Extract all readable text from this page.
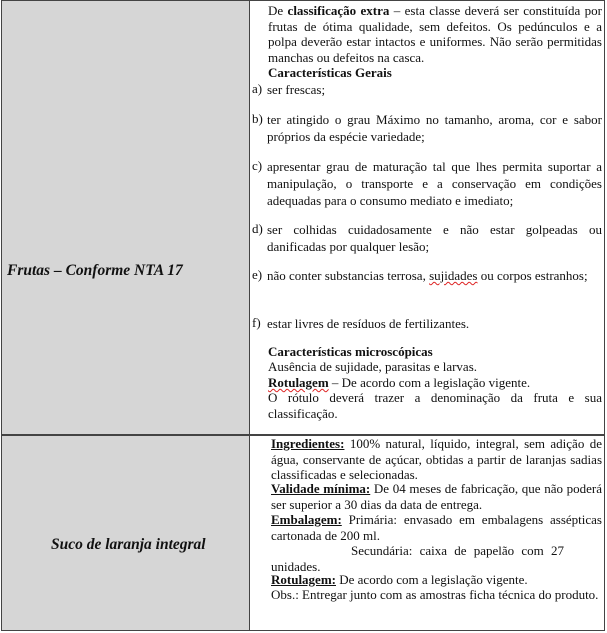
Frutas – Conforme NTA 17
De classificação extra – esta classe deverá ser constituída por frutas de ótima qualidade, sem defeitos. Os pedúnculos e a polpa deverão estar intactos e uniformes. Não serão permitidas manchas ou defeitos na casca.
Características Gerais
a) ser frescas;
b) ter atingido o grau Máximo no tamanho, aroma, cor e sabor próprios da espécie variedade;
c) apresentar grau de maturação tal que lhes permita suportar a manipulação, o transporte e a conservação em condições adequadas para o consumo mediato e imediato;
d) ser colhidas cuidadosamente e não estar golpeadas ou danificadas por qualquer lesão;
e) não conter substancias terrosa, sujidades ou corpos estranhos;
f) estar livres de resíduos de fertilizantes.
Características microscópicas
Ausência de sujidade, parasitas e larvas.
Rotulagem – De acordo com a legislação vigente.
O rótulo deverá trazer a denominação da fruta e sua classificação.
Suco de laranja integral
Ingredientes: 100% natural, líquido, integral, sem adição de água, conservante de açúcar, obtidas a partir de laranjas sadias classificadas e selecionadas.
Validade mínima: De 04 meses de fabricação, que não poderá ser superior a 30 dias da data de entrega.
Embalagem: Primária: envasado em embalagens assépticas cartonada de 200 ml.
Secundária: caixa de papelão com 27 unidades.
Rotulagem: De acordo com a legislação vigente.
Obs.: Entregar junto com as amostras ficha técnica do produto.
